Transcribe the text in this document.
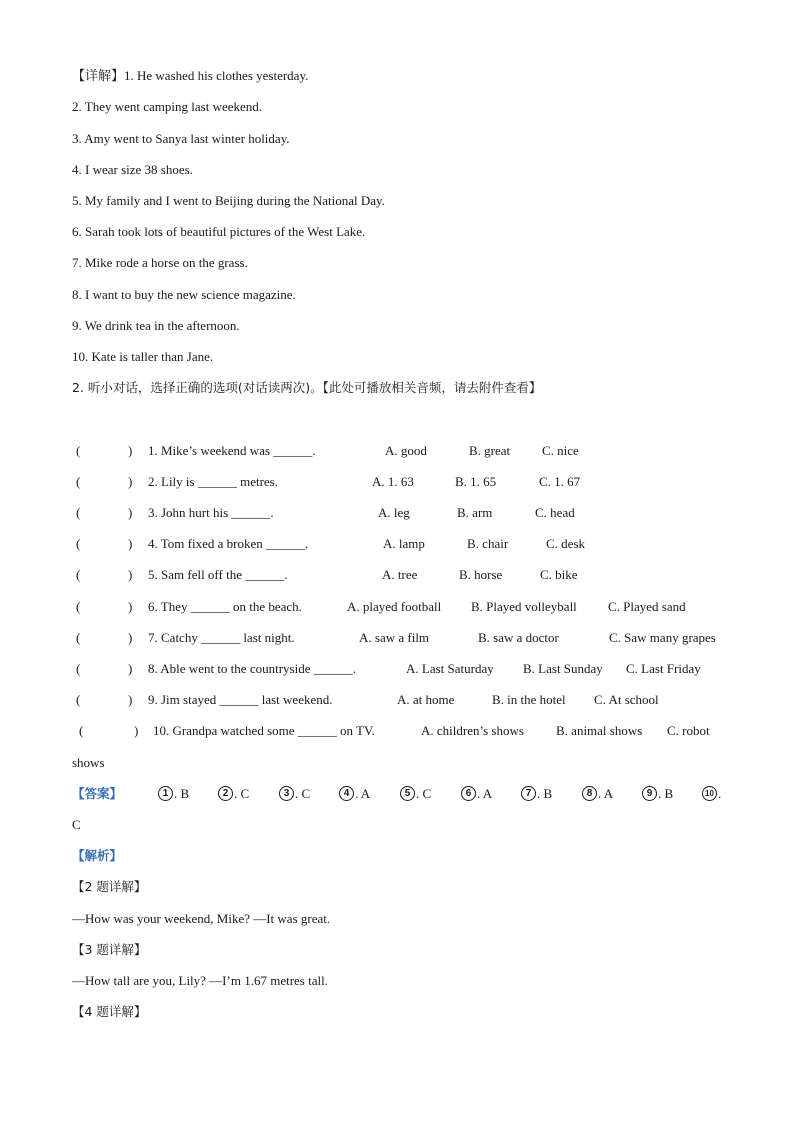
【详解】1. He washed his clothes yesterday.
2. They went camping last weekend.
3. Amy went to Sanya last winter holiday.
4. I wear size 38 shoes.
5. My family and I went to Beijing during the National Day.
6. Sarah took lots of beautiful pictures of the West Lake.
7. Mike rode a horse on the grass.
8. I want to buy the new science magazine.
9. We drink tea in the afternoon.
10. Kate is taller than Jane.
2. 听小对话，选择正确的选项(对话读两次)。【此处可播放相关音频，请去附件查看】
(	) 1. Mike’s weekend was ______.	A. good	B. great C. nice
(	) 2. Lily is ______ metres.	A. 1. 63	B. 1. 65	C. 1. 67
(	) 3. John hurt his ______.	A. leg	B. arm	C. head
(	) 4. Tom fixed a broken ______.	A. lamp	B. chair	C. desk
(	) 5. Sam fell off the ______.	A. tree	B. horse	C. bike
(	) 6. They ______ on the beach.	A. played football B. Played volleyball C. Played sand
(	) 7. Catchy ______ last night.	A. saw a film	B. saw a doctor	C. Saw many grapes
(	) 8. Able went to the countryside ______.	A. Last Saturday B. Last Sunday C. Last Friday
(	) 9. Jim stayed ______ last weekend.	A. at home	B. in the hotel C. At school
(	) 10. Grandpa watched some ______ on TV.	A. children’s shows B. animal shows C. robot
shows
【答案】	1 . B	2 . C	3 . C	4 . A	5 . C	6 . A	7 . B	8 . A	9 . B	10 .
C
【解析】
【2 题详解】
—How was your weekend, Mike? —It was great.
【3 题详解】
—How tall are you, Lily? —I’m 1.67 metres tall.
【4 题详解】
